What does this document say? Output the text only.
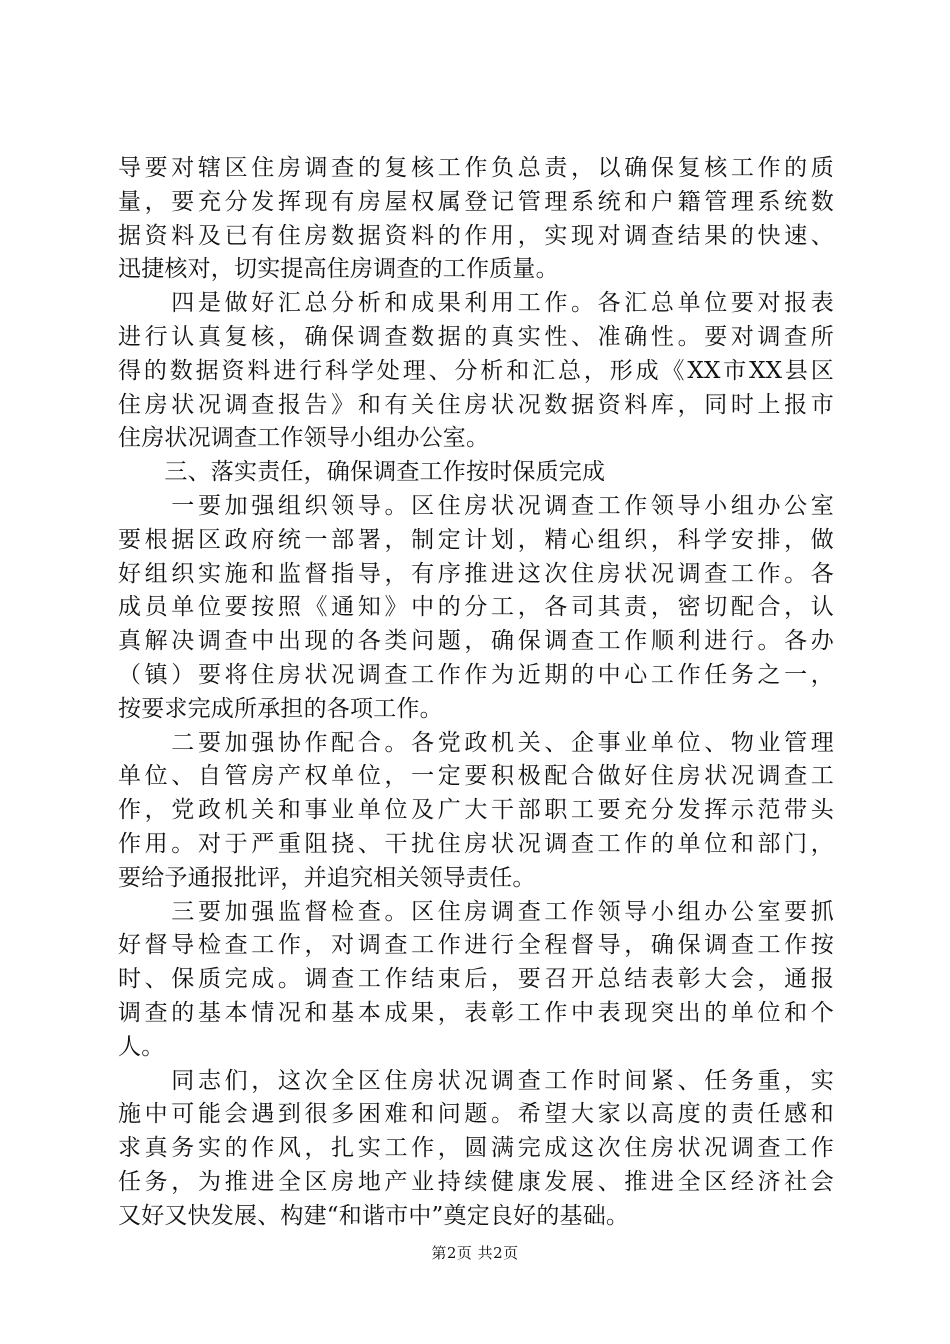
导要对辖区住房调查的复核工作负总责，以确保复核工作的质
量，要充分发挥现有房屋权属登记管理系统和户籍管理系统数
据资料及已有住房数据资料的作用，实现对调查结果的快速、
迅捷核对，切实提高住房调查的工作质量。
　　四是做好汇总分析和成果利用工作。各汇总单位要对报表
进行认真复核，确保调查数据的真实性、准确性。要对调查所
得的数据资料进行科学处理、分析和汇总，形成《XX市XX县区
住房状况调查报告》和有关住房状况数据资料库，同时上报市
住房状况调查工作领导小组办公室。
　　三、落实责任，确保调查工作按时保质完成
　　一要加强组织领导。区住房状况调查工作领导小组办公室
要根据区政府统一部署，制定计划，精心组织，科学安排，做
好组织实施和监督指导，有序推进这次住房状况调查工作。各
成员单位要按照《通知》中的分工，各司其责，密切配合，认
真解决调查中出现的各类问题，确保调查工作顺利进行。各办
（镇）要将住房状况调查工作作为近期的中心工作任务之一，
按要求完成所承担的各项工作。
　　二要加强协作配合。各党政机关、企事业单位、物业管理
单位、自管房产权单位，一定要积极配合做好住房状况调查工
作，党政机关和事业单位及广大干部职工要充分发挥示范带头
作用。对于严重阻挠、干扰住房状况调查工作的单位和部门，
要给予通报批评，并追究相关领导责任。
　　三要加强监督检查。区住房调查工作领导小组办公室要抓
好督导检查工作，对调查工作进行全程督导，确保调查工作按
时、保质完成。调查工作结束后，要召开总结表彰大会，通报
调查的基本情况和基本成果，表彰工作中表现突出的单位和个
人。
　　同志们，这次全区住房状况调查工作时间紧、任务重，实
施中可能会遇到很多困难和问题。希望大家以高度的责任感和
求真务实的作风，扎实工作，圆满完成这次住房状况调查工作
任务，为推进全区房地产业持续健康发展、推进全区经济社会
又好又快发展、构建“和谐市中”奠定良好的基础。
第2页 共2页
